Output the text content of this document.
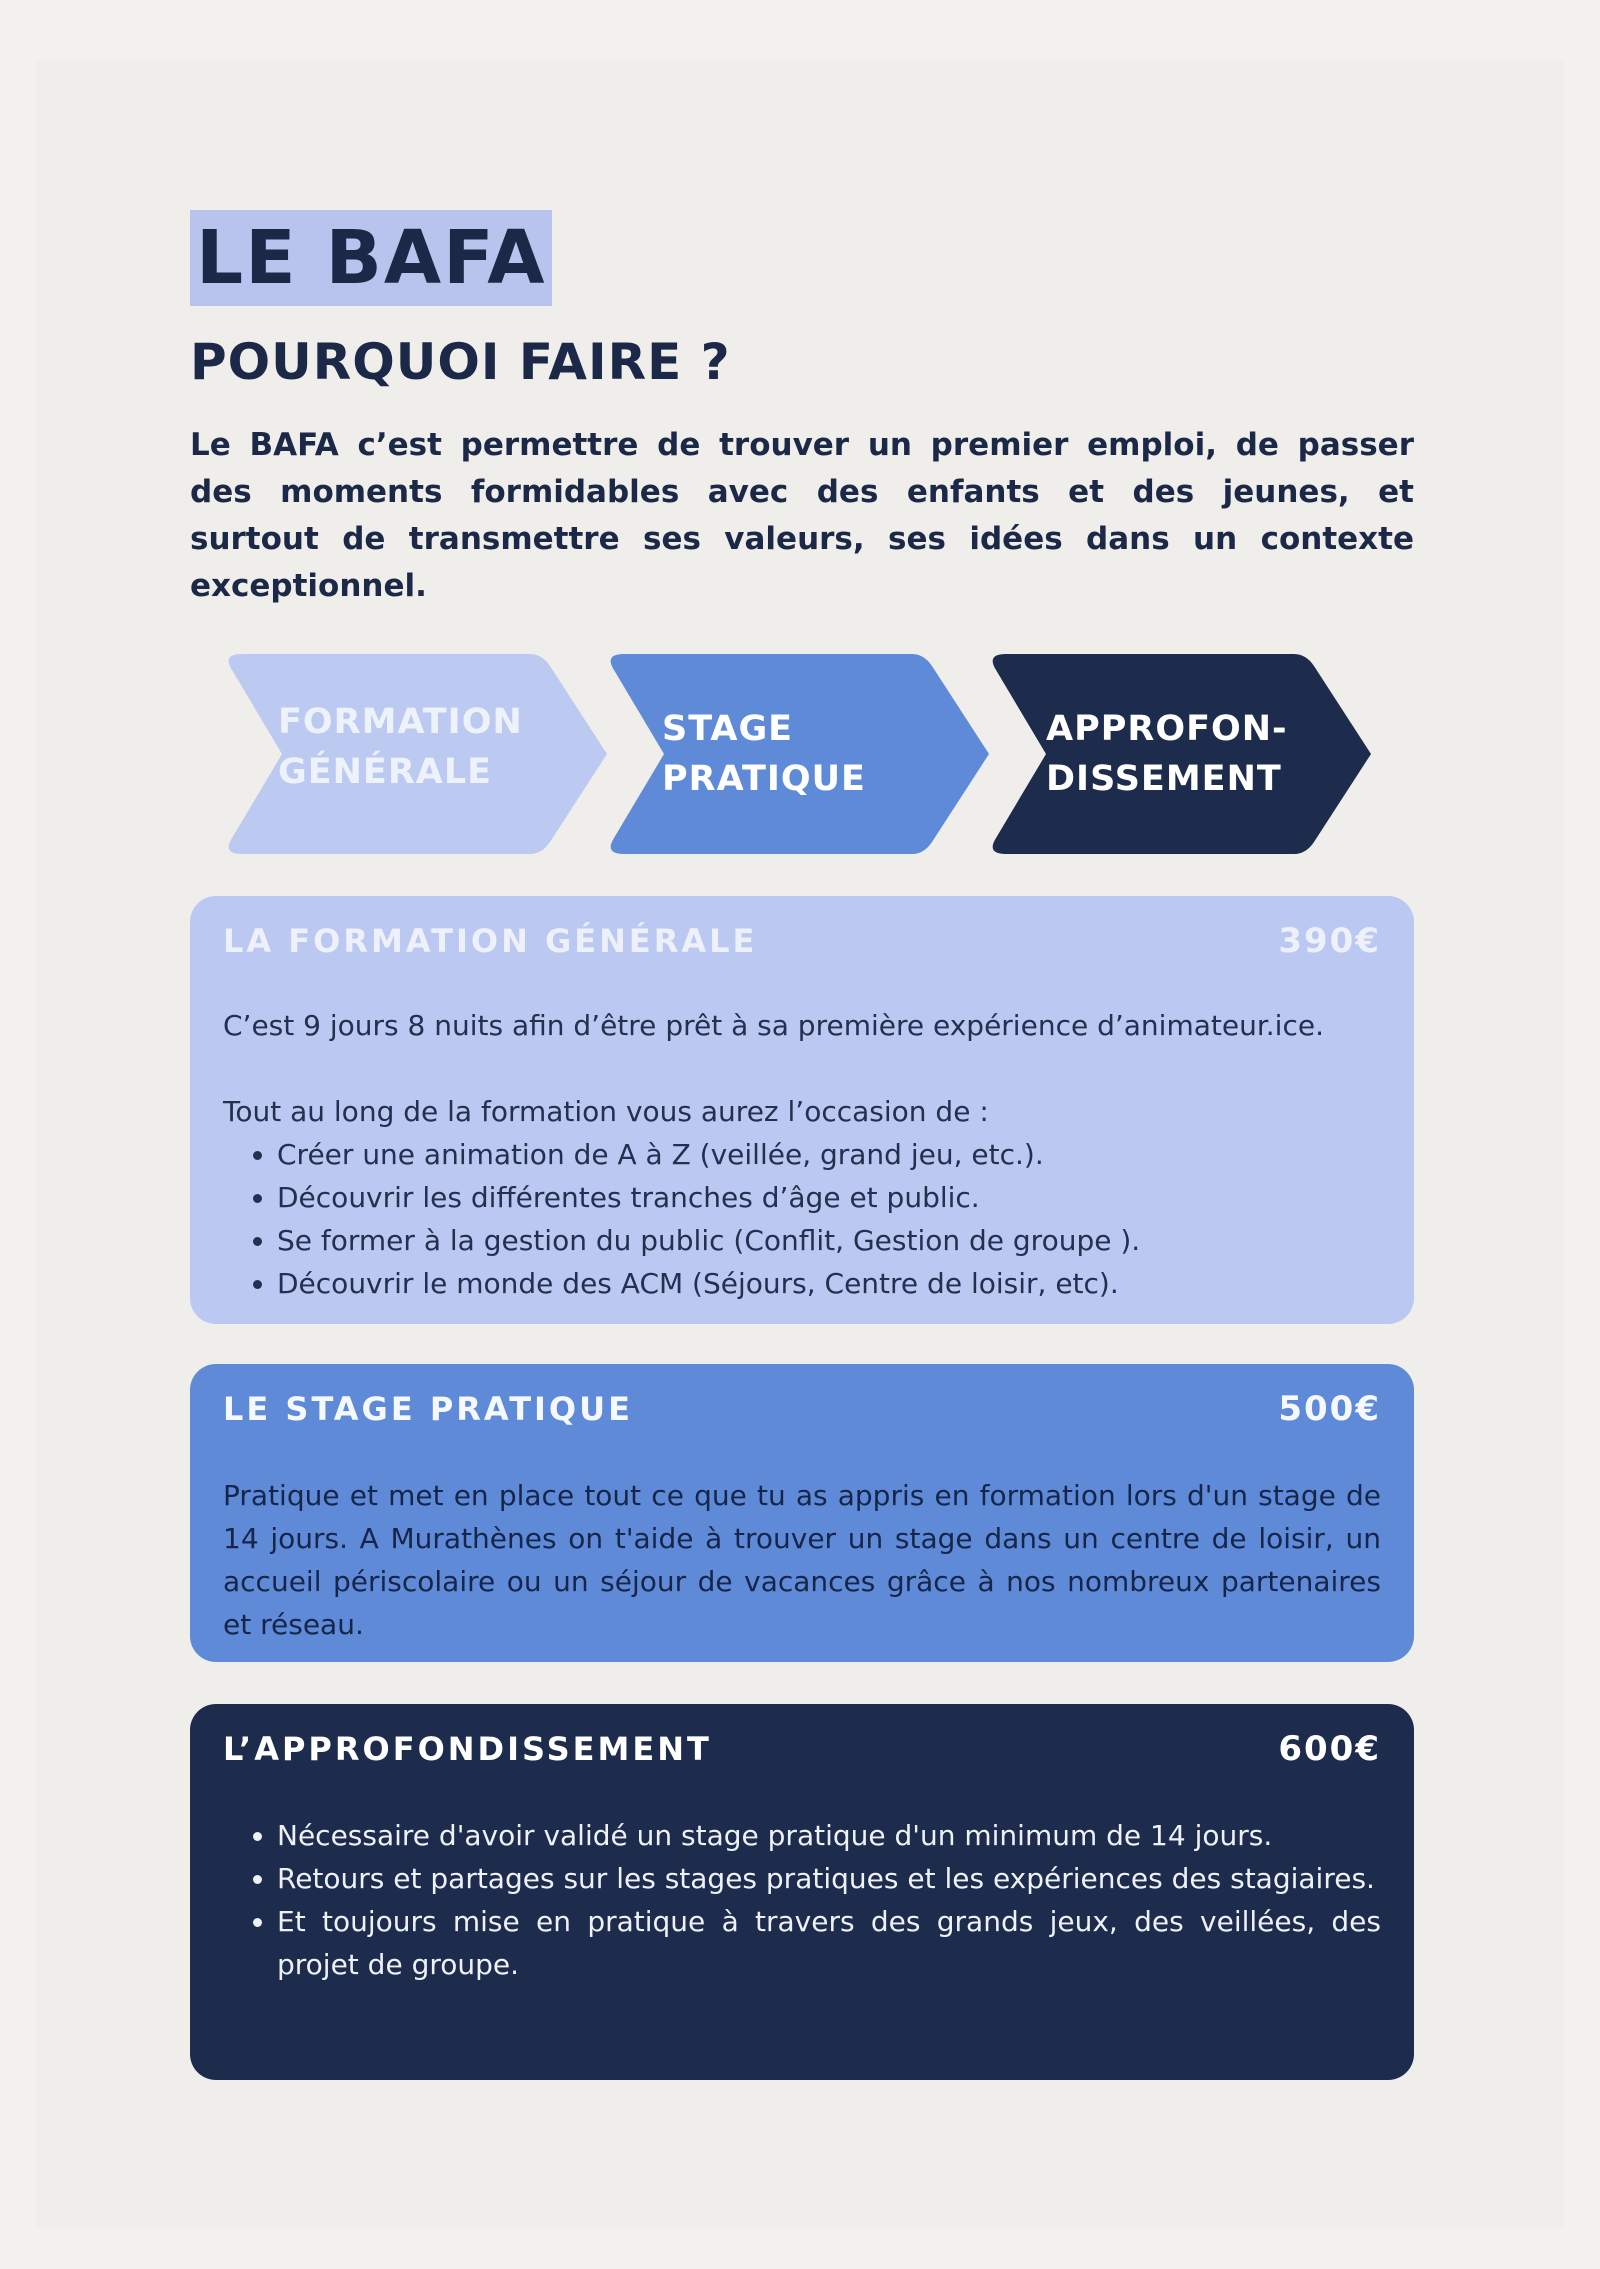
LE BAFA
POURQUOI FAIRE ?
Le BAFA c’est permettre de trouver un premier emploi, de passer des moments formidables avec des enfants et des jeunes, et surtout de transmettre ses valeurs, ses idées dans un contexte exceptionnel.
FORMATION
GÉNÉRALE
STAGE
PRATIQUE
APPROFON-
DISSEMENT
LA FORMATION GÉNÉRALE	390€

C’est 9 jours 8 nuits afin d’être prêt à sa première expérience d’animateur.ice.

Tout au long de la formation vous aurez l’occasion de :

• Créer une animation de A à Z (veillée, grand jeu, etc.).
• Découvrir les différentes tranches d’âge et public.
• Se former à la gestion du public (Conflit, Gestion de groupe ).
• Découvrir le monde des ACM (Séjours, Centre de loisir, etc).
LE STAGE PRATIQUE	500€

Pratique et met en place tout ce que tu as appris en formation lors d'un stage de 14 jours. A Murathènes on t'aide à trouver un stage dans un centre de loisir, un accueil périscolaire ou un séjour de vacances grâce à nos nombreux partenaires et réseau.

L’APPROFONDISSEMENT	600€
• Nécessaire d'avoir validé un stage pratique d'un minimum de 14 jours.
• Retours et partages sur les stages pratiques et les expériences des stagiaires.
• Et toujours mise en pratique à travers des grands jeux, des veillées, des projet de groupe.
